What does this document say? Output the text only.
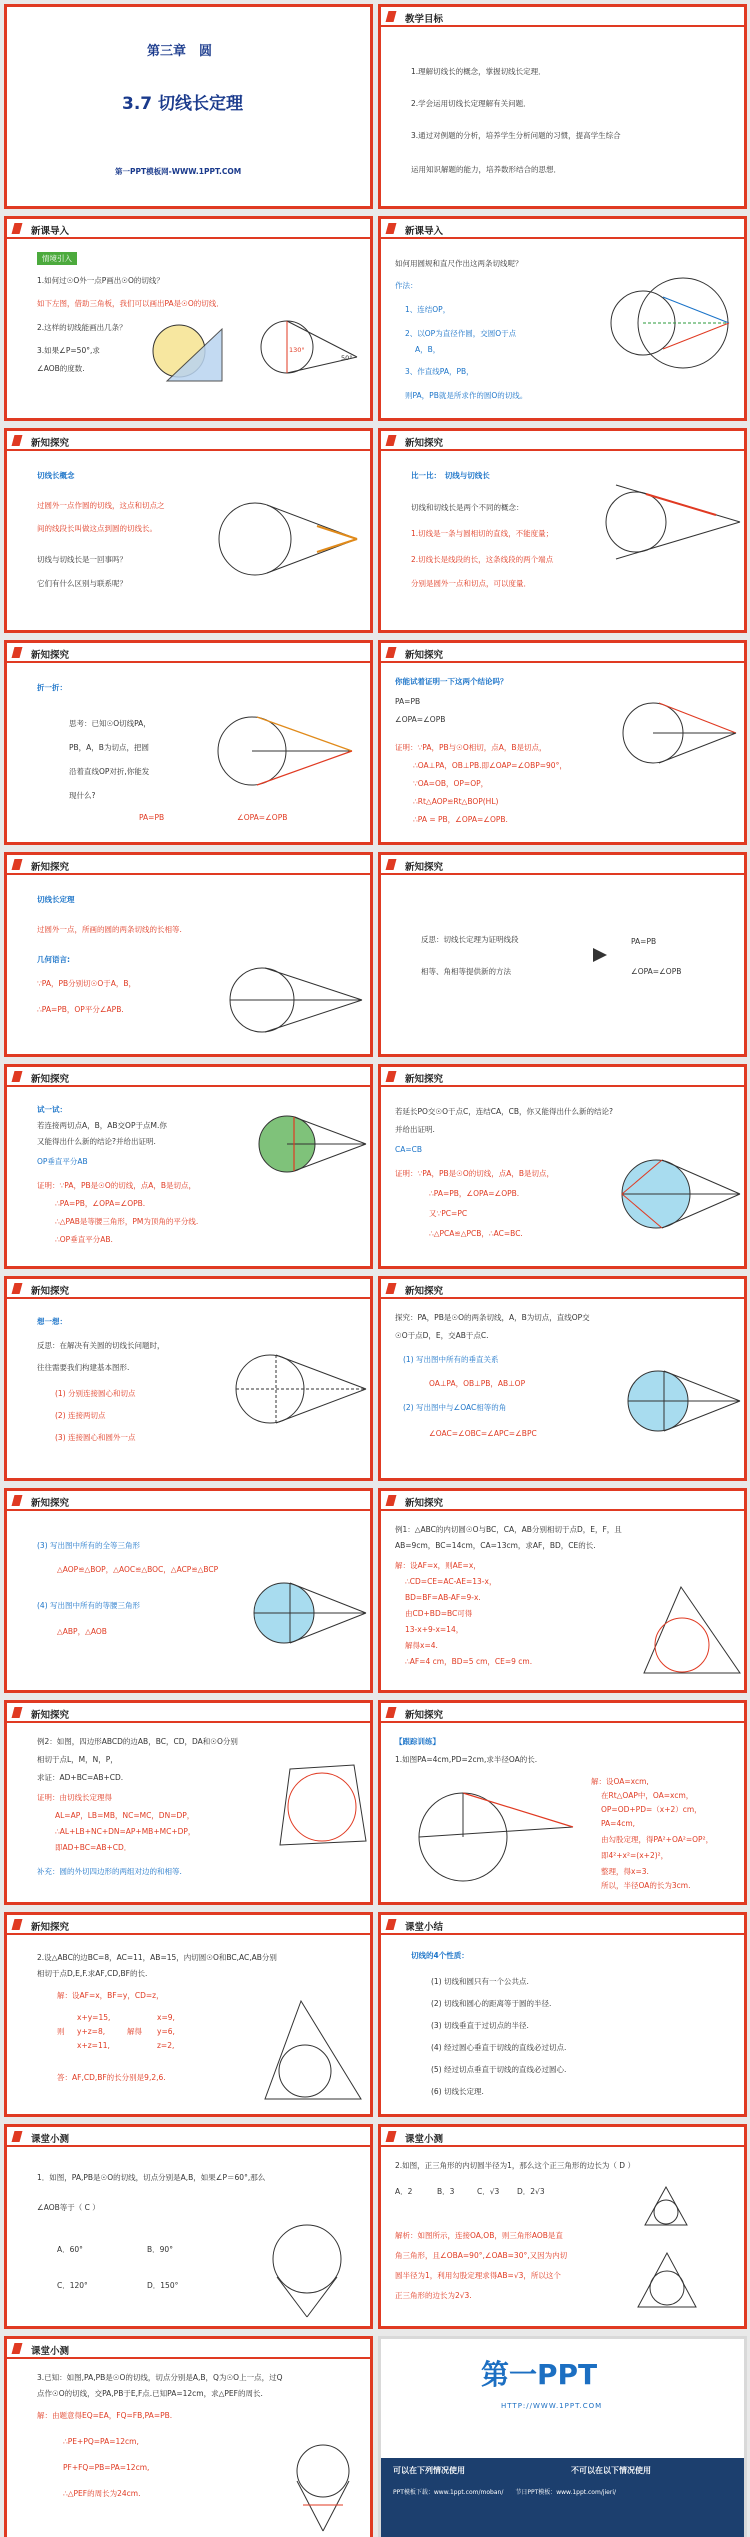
第三章　圆
3.7 切线长定理
第一PPT模板网-WWW.1PPT.COM
教学目标
1.理解切线长的概念，掌握切线长定理．
2.学会运用切线长定理解有关问题．
3.通过对例题的分析，培养学生分析问题的习惯，提高学生综合
运用知识解题的能力，培养数形结合的思想．
新课导入
情境引入
1.如何过☉O外一点P画出☉O的切线？
如下左图，借助三角板，我们可以画出PA是☉O的切线．
2.这样的切线能画出几条？
3.如果∠P=50°,求
∠AOB的度数.
130°
50°
新课导入
如何用圆规和直尺作出这两条切线呢？
作法：
1、连结OP，
2、以OP为直径作圆，交圆O于点
A，B，
3、作直线PA，PB，
则PA，PB就是所求作的圆O的切线。
新知探究
切线长概念
过圆外一点作圆的切线，这点和切点之
间的线段长叫做这点到圆的切线长。
切线与切线长是一回事吗？
它们有什么区别与联系呢？
新知探究
比一比：　切线与切线长
切线和切线长是两个不同的概念：
1.切线是一条与圆相切的直线，不能度量；
2.切线长是线段的长，这条线段的两个端点
分别是圆外一点和切点，可以度量．
新知探究
折一折：
思考：已知☉O切线PA，
PB，A，B为切点，把圆
沿着直线OP对折,你能发
现什么?
PA=PB	∠OPA=∠OPB
新知探究
你能试着证明一下这两个结论吗？
PA=PB
∠OPA=∠OPB
证明：∵PA，PB与☉O相切，点A，B是切点，
∴OA⊥PA，OB⊥PB.即∠OAP=∠OBP=90°，
∵OA=OB，OP=OP，
∴Rt△AOP≌Rt△BOP(HL)
∴PA = PB，∠OPA=∠OPB.
新知探究
切线长定理
过圆外一点，所画的圆的两条切线的长相等.
几何语言:
∵PA，PB分别切☉O于A，B，
∴PA=PB，OP平分∠APB.
新知探究
反思：切线长定理为证明线段
相等、角相等提供新的方法
PA=PB
∠OPA=∠OPB
新知探究
试一试：
若连接两切点A，B，AB交OP于点M.你
又能得出什么新的结论?并给出证明.
OP垂直平分AB
证明：∵PA，PB是☉O的切线，点A，B是切点，
∴PA=PB，∠OPA=∠OPB.
∴△PAB是等腰三角形，PM为顶角的平分线.
∴OP垂直平分AB.
新知探究
若延长PO交☉O于点C，连结CA，CB，你又能得出什么新的结论?
并给出证明.
CA=CB
证明：∵PA，PB是☉O的切线，点A，B是切点，
∴PA=PB，∠OPA=∠OPB.
又∵PC=PC
∴△PCA≌△PCB，∴AC=BC.
新知探究
想一想：
反思：在解决有关圆的切线长问题时，
往往需要我们构建基本图形.
(1) 分别连接圆心和切点
(2) 连接两切点
(3) 连接圆心和圆外一点
新知探究
探究：PA，PB是☉O的两条切线，A，B为切点，直线OP交
☉O于点D，E，交AB于点C.
(1) 写出图中所有的垂直关系
OA⊥PA，OB⊥PB，AB⊥OP
(2) 写出图中与∠OAC相等的角
∠OAC=∠OBC=∠APC=∠BPC
新知探究
(3) 写出图中所有的全等三角形
△AOP≌△BOP，△AOC≌△BOC，△ACP≌△BCP
(4) 写出图中所有的等腰三角形
△ABP，△AOB
新知探究
例1：△ABC的内切圆☉O与BC，CA，AB分别相切于点D，E，F，且
AB=9cm，BC=14cm，CA=13cm，求AF，BD，CE的长.
解：设AF=x，则AE=x，
∴CD=CE=AC-AE=13-x，
BD=BF=AB-AF=9-x.
由CD+BD=BC可得
13-x+9-x=14，
解得x=4.
∴AF=4 cm，BD=5 cm，CE=9 cm.
新知探究
例2：如图，四边形ABCD的边AB，BC，CD，DA和☉O分别
相切于点L，M，N，P，
求证：AD+BC=AB+CD.
证明：由切线长定理得
AL=AP，LB=MB，NC=MC，DN=DP，
∴AL+LB+NC+DN=AP+MB+MC+DP，
即AD+BC=AB+CD．
补充：圆的外切四边形的两组对边的和相等.
新知探究
【跟踪训练】
1.如图PA=4cm,PD=2cm,求半径OA的长.
解：设OA=xcm,
在Rt△OAP中，OA=xcm，
OP=OD+PD=（x+2）cm，
PA=4cm,
由勾股定理，得PA²+OA²=OP²，
即4²+x²=(x+2)²，
整理，得x=3.
所以，半径OA的长为3cm.
新知探究
2.设△ABC的边BC=8，AC=11，AB=15，内切圆☉O和BC,AC,AB分别
相切于点D,E,F.求AF,CD,BF的长.
解：设AF=x，BF=y，CD=z，
则
x+y=15,
y+z=8,
x+z=11,
解得
x=9,
y=6,
z=2,
答：AF,CD,BF的长分别是9,2,6.
课堂小结
切线的4个性质：
(1) 切线和圆只有一个公共点.
(2) 切线和圆心的距离等于圆的半径.
(3) 切线垂直于过切点的半径.
(4) 经过圆心垂直于切线的直线必过切点.
(5) 经过切点垂直于切线的直线必过圆心.
(6) 切线长定理.
课堂小测
1．如图，PA,PB是☉O的切线，切点分别是A,B，如果∠P＝60°,那么
∠AOB等于（ C ）
A．60°	B．90°
C．120°	D．150°
课堂小测
2.如图，正三角形的内切圆半径为1，那么这个正三角形的边长为（ D ）
A．2	B．3	C．√3 D．2√3
解析：如图所示，连接OA,OB，则三角形AOB是直
角三角形，且∠OBA=90°,∠OAB=30°,又因为内切
圆半径为1，利用勾股定理求得AB=√3，所以这个
正三角形的边长为2√3.
课堂小测
3.已知：如图,PA,PB是☉O的切线，切点分别是A,B，Q为☉O上一点，过Q
点作☉O的切线，交PA,PB于E,F点.已知PA=12cm，求△PEF的周长.
解：由题意得EQ=EA，FQ=FB,PA=PB.
∴PE+PQ=PA=12cm,
PF+FQ=PB=PA=12cm,
∴△PEF的周长为24cm.
第一PPT
HTTP://WWW.1PPT.COM
可以在下列情况使用	不可以在以下情况使用
PPT模板下载：www.1ppt.com/moban/　　节日PPT模板：www.1ppt.com/jieri/
